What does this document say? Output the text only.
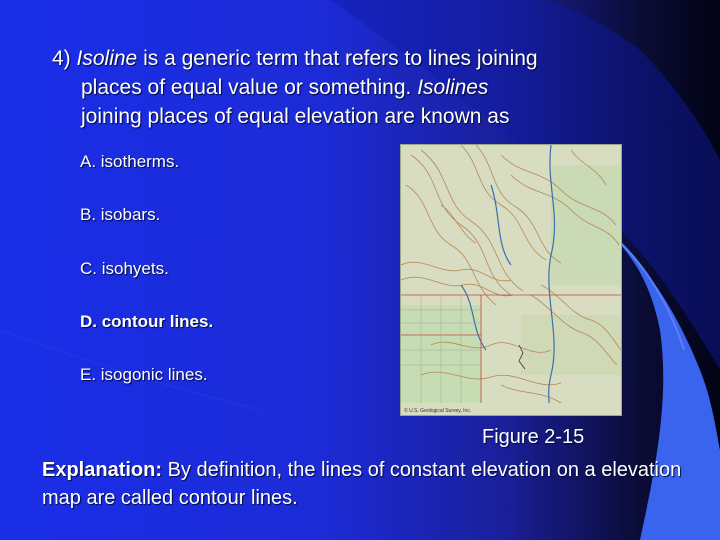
4) Isoline is a generic term that refers to lines joining
places of equal value or something. Isolines
joining places of equal elevation are known as
A. isotherms.
B. isobars.
C. isohyets.
D. contour lines.
E. isogonic lines.
© U.S. Geological Survey, Inc.
Figure 2-15
Explanation: By definition, the lines of constant elevation on a elevation map are called contour lines.
